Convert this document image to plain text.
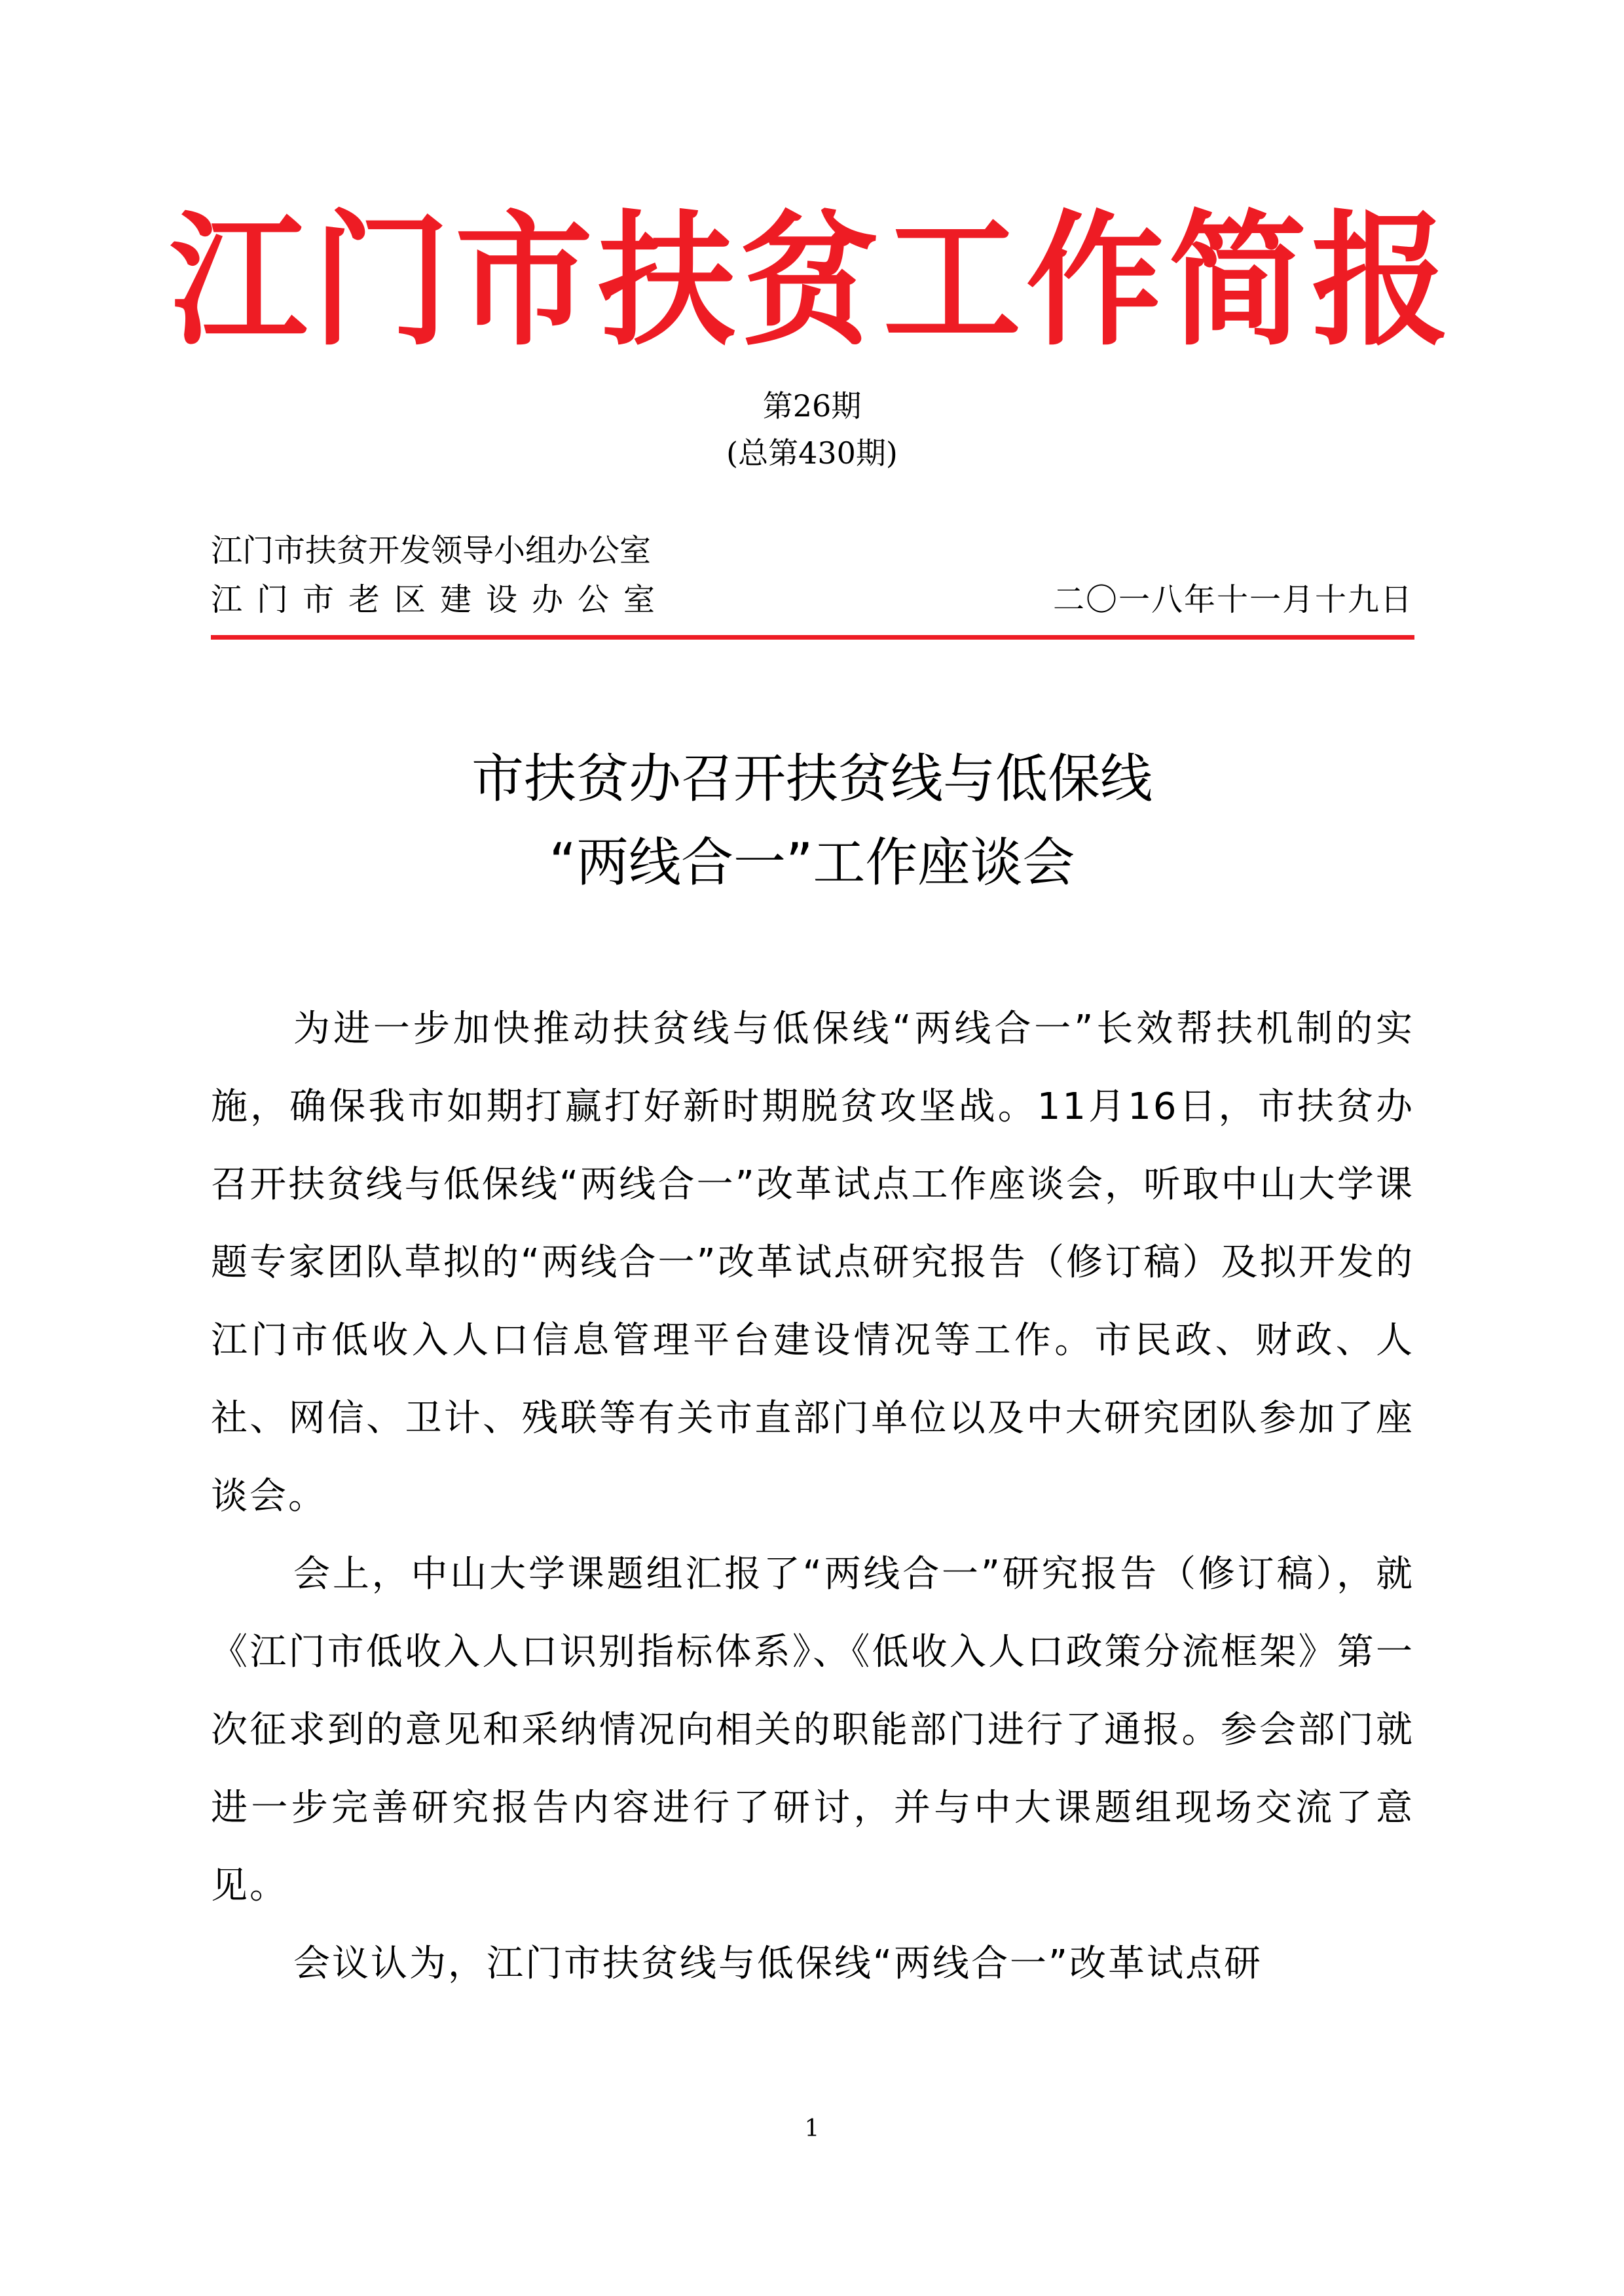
江门市扶贫工作简报
第26期
(总第430期)
江门市扶贫开发领导小组办公室
江门市老区建设办公室	二〇一八年十一月十九日
市扶贫办召开扶贫线与低保线
“两线合一”工作座谈会

为进一步加快推动扶贫线与低保线“两线合一”长效帮扶机制的实施，确保我市如期打赢打好新时期脱贫攻坚战。11月16日，市扶贫办召开扶贫线与低保线“两线合一”改革试点工作座谈会，听取中山大学课题专家团队草拟的“两线合一”改革试点研究报告（修订稿）及拟开发的江门市低收入人口信息管理平台建设情况等工作。市民政、财政、人社、网信、卫计、残联等有关市直部门单位以及中大研究团队参加了座谈会。

会上，中山大学课题组汇报了“两线合一”研究报告（修订稿），就《江门市低收入人口识别指标体系》、《低收入人口政策分流框架》第一次征求到的意见和采纳情况向相关的职能部门进行了通报。参会部门就进一步完善研究报告内容进行了研讨，并与中大课题组现场交流了意见。

会议认为，江门市扶贫线与低保线“两线合一”改革试点研

1
